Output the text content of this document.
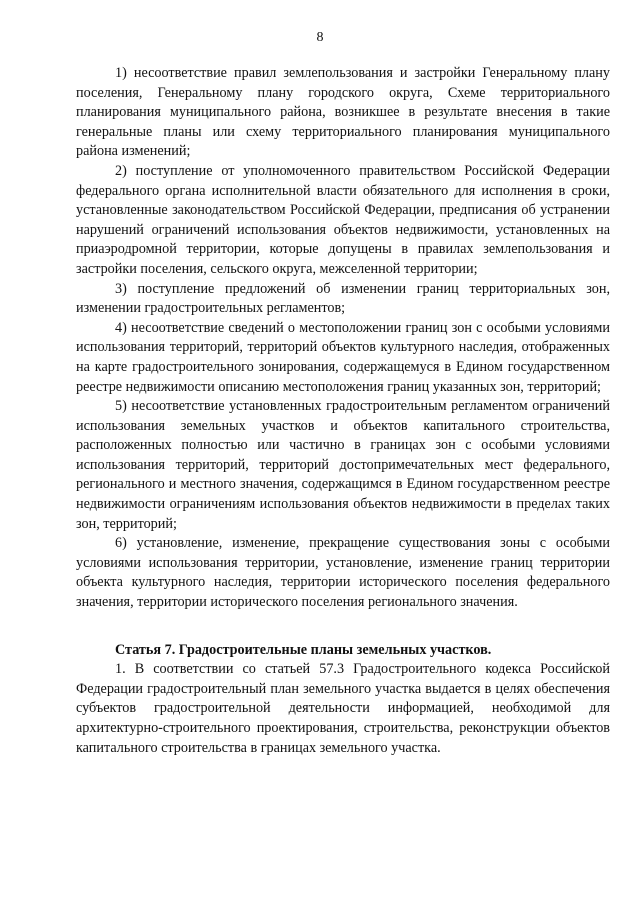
8

1) несоответствие правил землепользования и застройки Генеральному плану поселения, Генеральному плану городского округа, Схеме территориального планирования муниципального района, возникшее в результате внесения в такие генеральные планы или схему территориального планирования муниципального района изменений;

2) поступление от уполномоченного правительством Российской Федерации федерального органа исполнительной власти обязательного для исполнения в сроки, установленные законодательством Российской Федерации, предписания об устранении нарушений ограничений использования объектов недвижимости, установленных на приаэродромной территории, которые допущены в правилах землепользования и застройки поселения, сельского округа, межселенной территории;

3) поступление предложений об изменении границ территориальных зон, изменении градостроительных регламентов;

4) несоответствие сведений о местоположении границ зон с особыми условиями использования территорий, территорий объектов культурного наследия, отображенных на карте градостроительного зонирования, содержащемуся в Едином государственном реестре недвижимости описанию местоположения границ указанных зон, территорий;

5) несоответствие установленных градостроительным регламентом ограничений использования земельных участков и объектов капитального строительства, расположенных полностью или частично в границах зон с особыми условиями использования территорий, территорий достопримечательных мест федерального, регионального и местного значения, содержащимся в Едином государственном реестре недвижимости ограничениям использования объектов недвижимости в пределах таких зон, территорий;

6) установление, изменение, прекращение существования зоны с особыми условиями использования территории, установление, изменение границ территории объекта культурного наследия, территории исторического поселения федерального значения, территории исторического поселения регионального значения.

Статья 7. Градостроительные планы земельных участков.

1. В соответствии со статьей 57.3 Градостроительного кодекса Российской Федерации градостроительный план земельного участка выдается в целях обеспечения субъектов градостроительной деятельности информацией, необходимой для архитектурно-строительного проектирования, строительства, реконструкции объектов капитального строительства в границах земельного участка.
